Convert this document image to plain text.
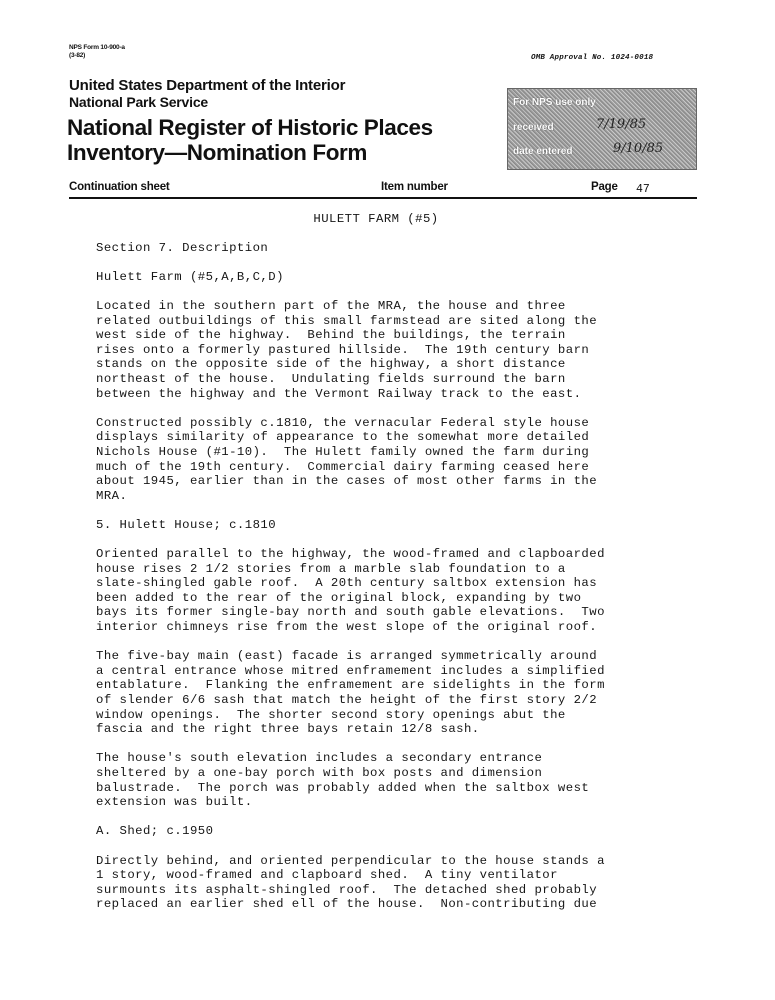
NPS Form 10-900-a
(3-82)	OMB Approval No. 1024-0018
United States Department of the Interior
National Park Service
National Register of Historic Places
Inventory—Nomination Form
For NPS use only
received	7/19/85
date entered	9/10/85
Continuation sheet	Item number	Page 47
HULETT FARM (#5)

Section 7. Description

Hulett Farm (#5,A,B,C,D)

Located in the southern part of the MRA, the house and three
related outbuildings of this small farmstead are sited along the
west side of the highway.  Behind the buildings, the terrain
rises onto a formerly pastured hillside.  The 19th century barn
stands on the opposite side of the highway, a short distance
northeast of the house.  Undulating fields surround the barn
between the highway and the Vermont Railway track to the east.

Constructed possibly c.1810, the vernacular Federal style house
displays similarity of appearance to the somewhat more detailed
Nichols House (#1-10).  The Hulett family owned the farm during
much of the 19th century.  Commercial dairy farming ceased here
about 1945, earlier than in the cases of most other farms in the
MRA.

5. Hulett House; c.1810

Oriented parallel to the highway, the wood-framed and clapboarded
house rises 2 1/2 stories from a marble slab foundation to a
slate-shingled gable roof.  A 20th century saltbox extension has
been added to the rear of the original block, expanding by two
bays its former single-bay north and south gable elevations.  Two
interior chimneys rise from the west slope of the original roof.

The five-bay main (east) facade is arranged symmetrically around
a central entrance whose mitred enframement includes a simplified
entablature.  Flanking the enframement are sidelights in the form
of slender 6/6 sash that match the height of the first story 2/2
window openings.  The shorter second story openings abut the
fascia and the right three bays retain 12/8 sash.

The house's south elevation includes a secondary entrance
sheltered by a one-bay porch with box posts and dimension
balustrade.  The porch was probably added when the saltbox west
extension was built.

A. Shed; c.1950

Directly behind, and oriented perpendicular to the house stands a
1 story, wood-framed and clapboard shed.  A tiny ventilator
surmounts its asphalt-shingled roof.  The detached shed probably
replaced an earlier shed ell of the house.  Non-contributing due
